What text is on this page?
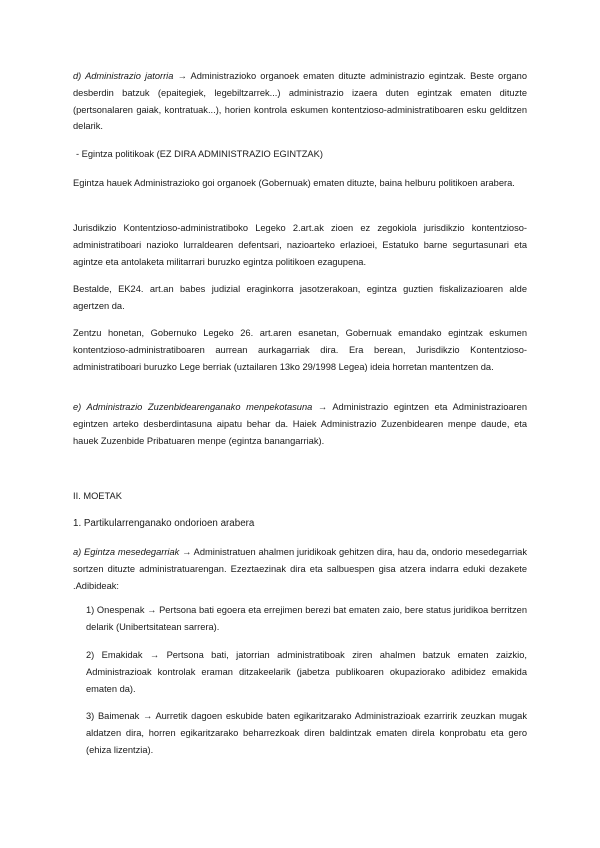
d) Administrazio jatorria → Administrazioko organoek ematen dituzte administrazio egintzak. Beste organo desberdin batzuk (epaitegiek, legebiltzarrek...) administrazio izaera duten egintzak ematen dituzte (pertsonalaren gaiak, kontratuak...), horien kontrola eskumen kontentzioso-administratiboaren esku gelditzen delarik.

- Egintza politikoak (EZ DIRA ADMINISTRAZIO EGINTZAK)

Egintza hauek Administrazioko goi organoek (Gobernuak) ematen dituzte, baina helburu politikoen arabera.

Jurisdikzio Kontentzioso-administratiboko Legeko 2.art.ak zioen ez zegokiola jurisdikzio kontentzioso-administratiboari nazioko lurraldearen defentsari, nazioarteko erlazioei, Estatuko barne segurtasunari eta agintze eta antolaketa militarrari buruzko egintza politikoen ezagupena.

Bestalde, EK24. art.an babes judizial eraginkorra jasotzerakoan, egintza guztien fiskalizazioaren alde agertzen da.

Zentzu honetan, Gobernuko Legeko 26. art.aren esanetan, Gobernuak emandako egintzak eskumen kontentzioso-administratiboaren aurrean aurkagarriak dira. Era berean, Jurisdikzio Kontentzioso-administratiboari buruzko Lege berriak (uztailaren 13ko 29/1998 Legea) ideia horretan mantentzen da.

e) Administrazio Zuzenbidearenganako menpekotasuna → Administrazio egintzen eta Administrazioaren egintzen arteko desberdintasuna aipatu behar da. Haiek Administrazio Zuzenbidearen menpe daude, eta hauek Zuzenbide Pribatuaren menpe (egintza banangarriak).

II. MOETAK

1. Partikularrenganako ondorioen arabera

a) Egintza mesedegarriak → Administratuen ahalmen juridikoak gehitzen dira, hau da, ondorio mesedegarriak sortzen dituzte administratuarengan. Ezeztaezinak dira eta salbuespen gisa atzera indarra eduki dezakete .Adibideak:

1) Onespenak → Pertsona bati egoera eta errejimen berezi bat ematen zaio, bere status juridikoa berritzen delarik (Unibertsitatean sarrera).

2) Emakidak → Pertsona bati, jatorrian administratiboak ziren ahalmen batzuk ematen zaizkio, Administrazioak kontrolak eraman ditzakeelarik (jabetza publikoaren okupaziorako adibidez emakida ematen da).

3) Baimenak → Aurretik dagoen eskubide baten egikaritzarako Administrazioak ezarririk zeuzkan mugak aldatzen dira, horren egikaritzarako beharrezkoak diren baldintzak ematen direla konprobatu eta gero (ehiza lizentzia).
